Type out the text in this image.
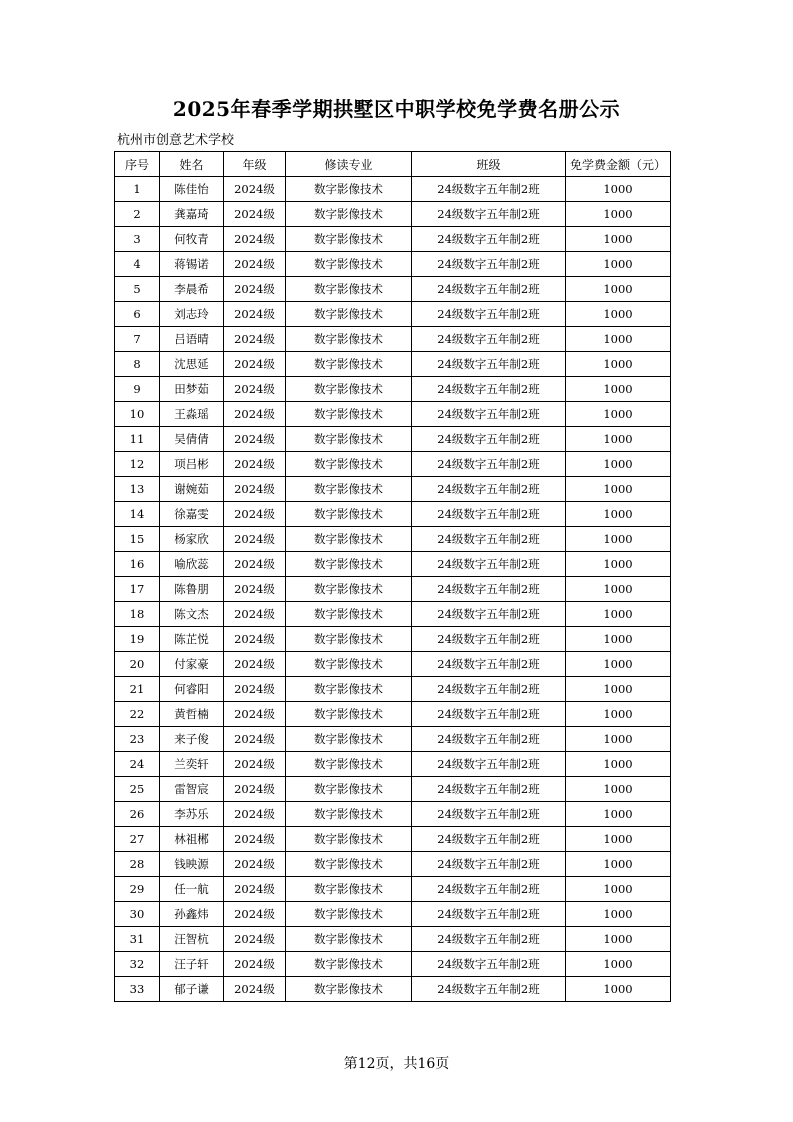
2025年春季学期拱墅区中职学校免学费名册公示
杭州市创意艺术学校
序号	姓名	年级	修读专业	班级	免学费金额（元）
1	陈佳怡	2024级	数字影像技术	24级数字五年制2班	1000
2	龚嘉琦	2024级	数字影像技术	24级数字五年制2班	1000
3	何牧青	2024级	数字影像技术	24级数字五年制2班	1000
4	蒋锡诺	2024级	数字影像技术	24级数字五年制2班	1000
5	李晨希	2024级	数字影像技术	24级数字五年制2班	1000
6	刘志玲	2024级	数字影像技术	24级数字五年制2班	1000
7	吕语晴	2024级	数字影像技术	24级数字五年制2班	1000
8	沈思延	2024级	数字影像技术	24级数字五年制2班	1000
9	田梦茹	2024级	数字影像技术	24级数字五年制2班	1000
10	王淼瑶	2024级	数字影像技术	24级数字五年制2班	1000
11	吴倩倩	2024级	数字影像技术	24级数字五年制2班	1000
12	项吕彬	2024级	数字影像技术	24级数字五年制2班	1000
13	谢婉茹	2024级	数字影像技术	24级数字五年制2班	1000
14	徐嘉雯	2024级	数字影像技术	24级数字五年制2班	1000
15	杨家欣	2024级	数字影像技术	24级数字五年制2班	1000
16	喻欣蕊	2024级	数字影像技术	24级数字五年制2班	1000
17	陈鲁朋	2024级	数字影像技术	24级数字五年制2班	1000
18	陈文杰	2024级	数字影像技术	24级数字五年制2班	1000
19	陈芷悦	2024级	数字影像技术	24级数字五年制2班	1000
20	付家豪	2024级	数字影像技术	24级数字五年制2班	1000
21	何睿阳	2024级	数字影像技术	24级数字五年制2班	1000
22	黄哲楠	2024级	数字影像技术	24级数字五年制2班	1000
23	来子俊	2024级	数字影像技术	24级数字五年制2班	1000
24	兰奕轩	2024级	数字影像技术	24级数字五年制2班	1000
25	雷智宸	2024级	数字影像技术	24级数字五年制2班	1000
26	李苏乐	2024级	数字影像技术	24级数字五年制2班	1000
27	林祖郴	2024级	数字影像技术	24级数字五年制2班	1000
28	钱映源	2024级	数字影像技术	24级数字五年制2班	1000
29	任一航	2024级	数字影像技术	24级数字五年制2班	1000
30	孙鑫炜	2024级	数字影像技术	24级数字五年制2班	1000
31	汪智杭	2024级	数字影像技术	24级数字五年制2班	1000
32	汪子轩	2024级	数字影像技术	24级数字五年制2班	1000
33	郁子谦	2024级	数字影像技术	24级数字五年制2班	1000
第12页，共16页
